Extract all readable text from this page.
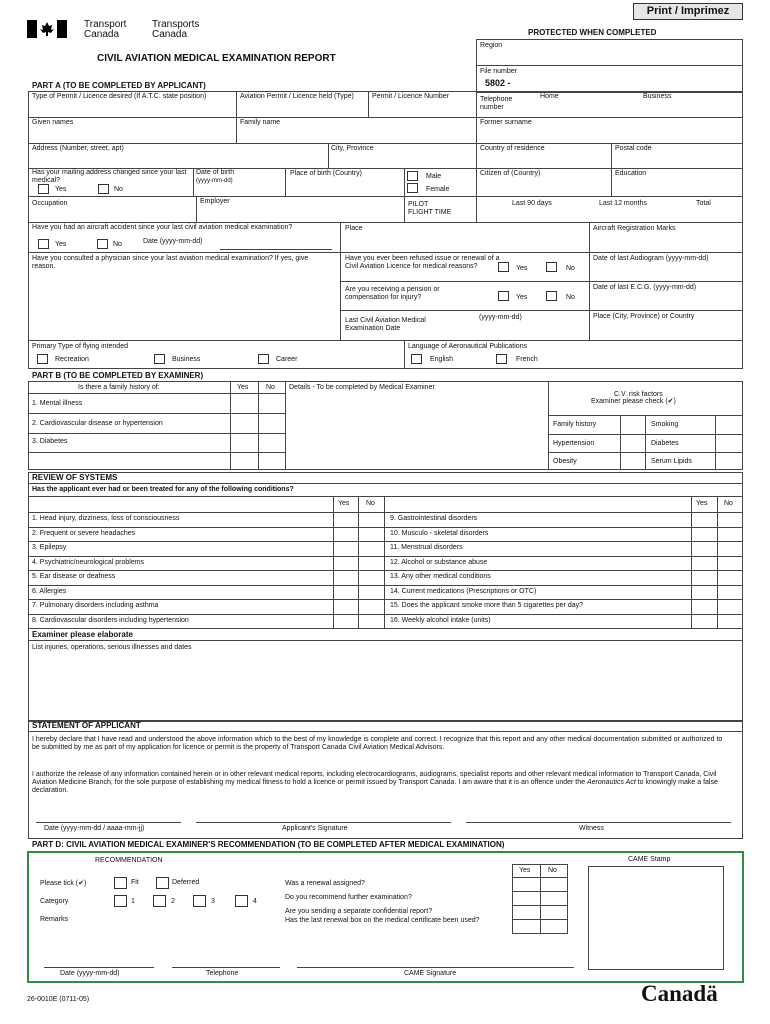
Print / Imprimez
Transport
Canada
Transports
Canada	PROTECTED WHEN COMPLETED
CIVIL AVIATION MEDICAL EXAMINATION REPORT
Region
File number
5802 -
PART A (TO BE COMPLETED BY APPLICANT)
Type of Permit / Licence desired (If A.T.C. state position)	Aviation Permit / Licence held (Type)	Permit / Licence Number	Telephone number
Home	Business
Given names	Family name	Former surname
Address (Number, street, apt)	City, Province	Country of residence	Postal code
Has your mailing address changed since your last medical?
Yes	No
Date of birth
(yyyy-mm-dd)
Place of birth (Country)	Male
Female
Citizen of (Country)	Education
Occupation	Employer	PILOT
FLIGHT TIME
Last 90 days	Last 12 months	Total
Have you had an aircraft accident since your last civil aviation medical examination?
Yes	No	Date (yyyy-mm-dd)
Place	Aircraft Registration Marks
Have you consulted a physician since your last aviation medical examination? If yes, give reason.
Have you ever been refused issue or renewal of a Civil Aviation Licence for medical reasons?	Yes	No
Date of last Audiogram (yyyy-mm-dd)
Are you receiving a pension or compensation for injury?	Yes	No
Date of last E.C.G. (yyyy-mm-dd)
Last Civil Aviation Medical Examination Date
(yyyy-mm-dd)	Place (City, Province) or Country
Primary Type of flying intended
Recreation	Business	Career
Language of Aeronautical Publications
English	French
PART B (TO BE COMPLETED BY EXAMINER)
Is there a family history of:	Yes	No Details - To be completed by Medical Examiner
1. Mental illness
2. Cardiovascular disease or hypertension
3. Diabetes
C.V. risk factors
Examiner please check (✔)
Family history	Smoking
Hypertension	Diabetes
Obesity	Serum Lipids
REVIEW OF SYSTEMS
Has the applicant ever had or been treated for any of the following conditions?
Yes No	Yes No
1. Head injury, dizziness, loss of consciousness
2. Frequent or severe headaches
3. Epilepsy
4. Psychiatric/neurological problems
5. Ear disease or deafness
6. Allergies
7. Pulmonary disorders including asthma
8. Cardiovascular disorders including hypertension
9. Gastrointestinal disorders
10. Musculo - skeletal disorders
11. Menstrual disorders
12. Alcohol or substance abuse
13. Any other medical conditions
14. Current medications (Prescriptions or OTC)
15. Does the applicant smoke more than 5 cigarettes per day?
16. Weekly alcohol intake (units)
Examiner please elaborate
List injuries, operations, serious illnesses and dates
STATEMENT OF APPLICANT
I hereby declare that I have read and understood the above information which to the best of my knowledge is complete and correct. I recognize that this report and any other medical documentation submitted or authorized to be submitted by me as part of my application for licence or permit is the property of Transport Canada Civil Aviation Medical Advisors.
I authorize the release of any information contained herein or in other relevant medical reports, including electrocardiograms, audiograms, specialist reports and other relevant medical information to Transport Canada, Civil Aviation Medicine Branch, for the sole purpose of establishing my medical fitness to hold a licence or permit issued by Transport Canada. I am aware that it is an offence under the Aeronautics Act to knowingly make a false declaration.
Date (yyyy-mm-dd / aaaa-mm-jj)	Applicant's Signature	Witness
PART D: CIVIL AVIATION MEDICAL EXAMINER'S RECOMMENDATION (TO BE COMPLETED AFTER MEDICAL EXAMINATION)
RECOMMENDATION	CAME Stamp
Please tick (✔)	Fit	Deferred
Category	1	2	3	4
Remarks
Was a renewal assigned?
Do you recommend further examination?
Are you sending a separate confidential report?
Has the last renewal box on the medical certificate been used?
Yes	No
Date (yyyy-mm-dd)	Telephone	CAME Signature
26-0010E (0711-05)	Canadä
